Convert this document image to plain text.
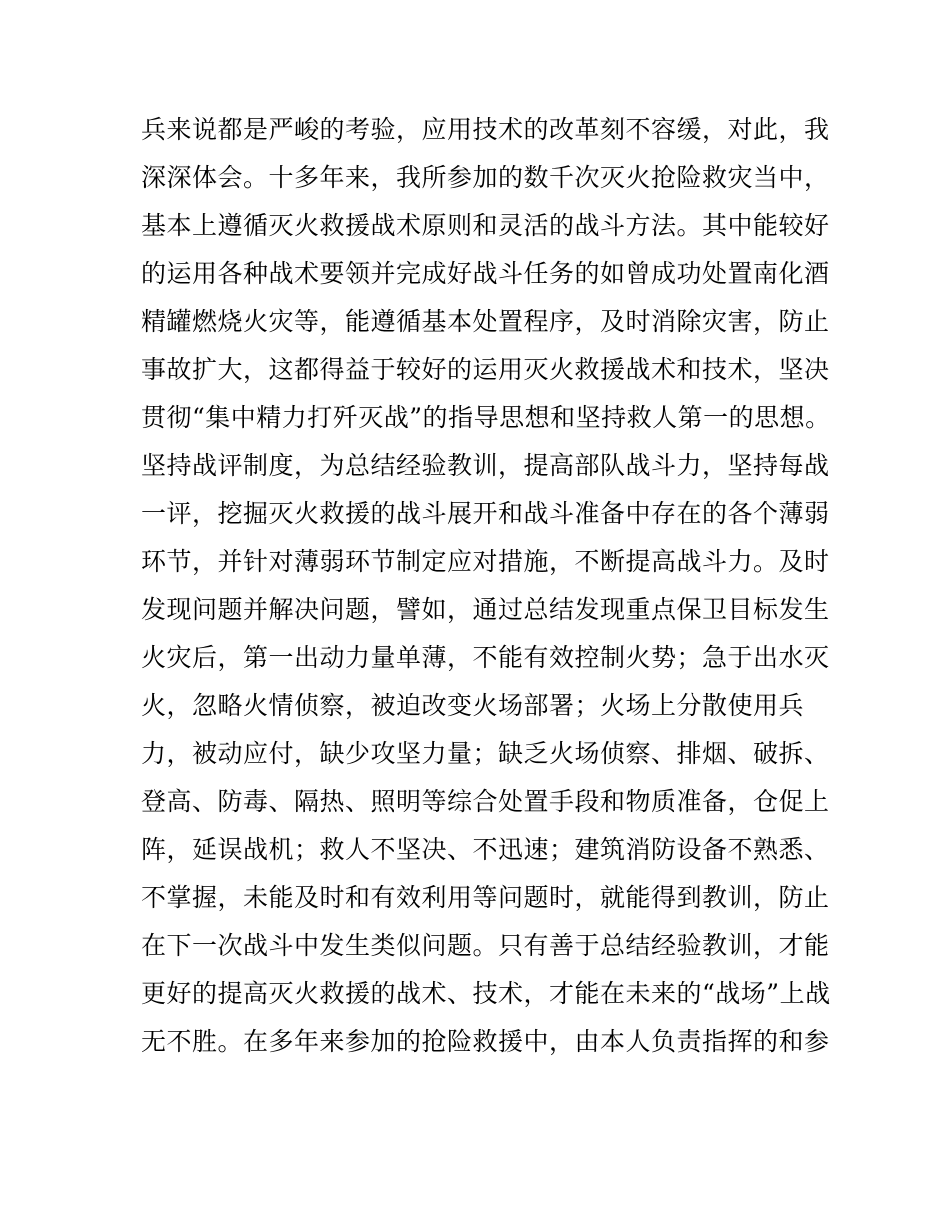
兵来说都是严峻的考验，应用技术的改革刻不容缓，对此，我
深深体会。十多年来，我所参加的数千次灭火抢险救灾当中，
基本上遵循灭火救援战术原则和灵活的战斗方法。其中能较好
的运用各种战术要领并完成好战斗任务的如曾成功处置南化酒
精罐燃烧火灾等，能遵循基本处置程序，及时消除灾害，防止
事故扩大，这都得益于较好的运用灭火救援战术和技术，坚决
贯彻“集中精力打歼灭战”的指导思想和坚持救人第一的思想。
坚持战评制度，为总结经验教训，提高部队战斗力，坚持每战
一评，挖掘灭火救援的战斗展开和战斗准备中存在的各个薄弱
环节，并针对薄弱环节制定应对措施，不断提高战斗力。及时
发现问题并解决问题，譬如，通过总结发现重点保卫目标发生
火灾后，第一出动力量单薄，不能有效控制火势；急于出水灭
火，忽略火情侦察，被迫改变火场部署；火场上分散使用兵
力，被动应付，缺少攻坚力量；缺乏火场侦察、排烟、破拆、
登高、防毒、隔热、照明等综合处置手段和物质准备，仓促上
阵，延误战机；救人不坚决、不迅速；建筑消防设备不熟悉、
不掌握，未能及时和有效利用等问题时，就能得到教训，防止
在下一次战斗中发生类似问题。只有善于总结经验教训，才能
更好的提高灭火救援的战术、技术，才能在未来的“战场”上战
无不胜。在多年来参加的抢险救援中，由本人负责指挥的和参
